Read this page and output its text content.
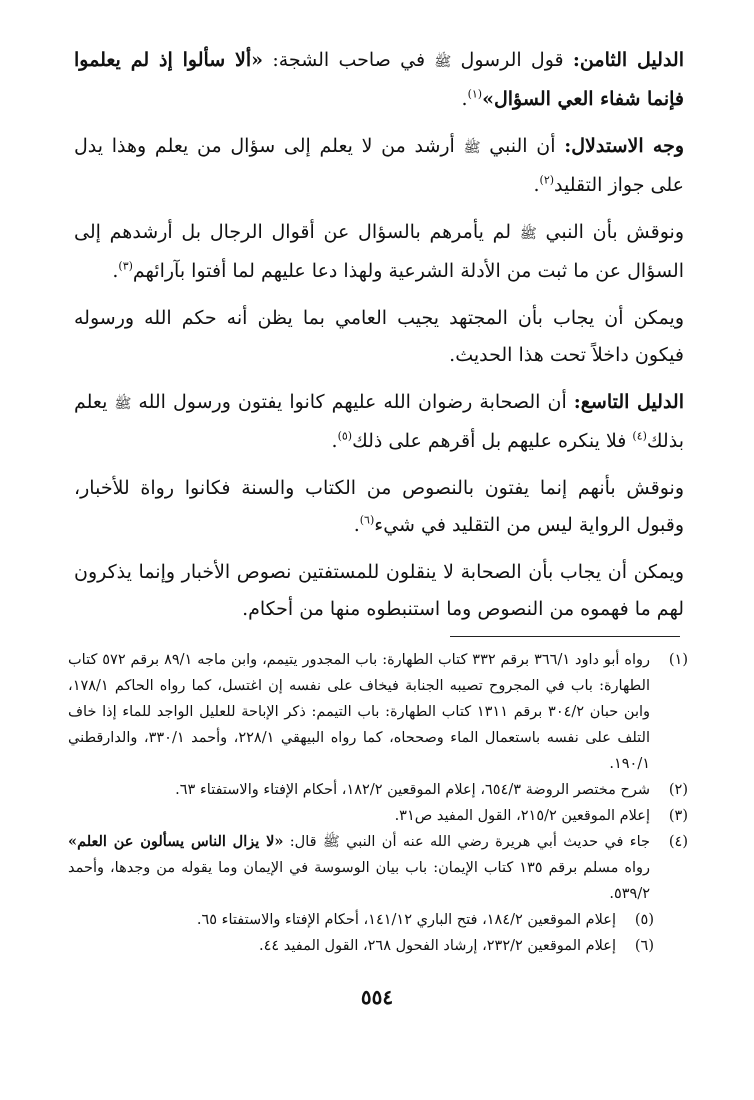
الدليل الثامن: قول الرسول ﷺ في صاحب الشجة: «ألا سألوا إذ لم يعلموا فإنما شفاء العي السؤال»$^{(١)}$.

وجه الاستدلال: أن النبي ﷺ أرشد من لا يعلم إلى سؤال من يعلم وهذا يدل على جواز التقليد$^{(٢)}$.

ونوقش بأن النبي ﷺ لم يأمرهم بالسؤال عن أقوال الرجال بل أرشدهم إلى السؤال عن ما ثبت من الأدلة الشرعية ولهذا دعا عليهم لما أفتوا بآرائهم$^{(٣)}$.

ويمكن أن يجاب بأن المجتهد يجيب العامي بما يظن أنه حكم الله ورسوله فيكون داخلاً تحت هذا الحديث.

الدليل التاسع: أن الصحابة رضوان الله عليهم كانوا يفتون ورسول الله ﷺ يعلم بذلك$^{(٤)}$ فلا ينكره عليهم بل أقرهم على ذلك$^{(٥)}$.

ونوقش بأنهم إنما يفتون بالنصوص من الكتاب والسنة فكانوا رواة للأخبار، وقبول الرواية ليس من التقليد في شيء$^{(٦)}$.

ويمكن أن يجاب بأن الصحابة لا ينقلون للمستفتين نصوص الأخبار وإنما يذكرون لهم ما فهموه من النصوص وما استنبطوه منها من أحكام.

(١)
رواه أبو داود ٣٦٦/١ برقم ٣٣٢ كتاب الطهارة: باب المجدور يتيمم، وابن ماجه ٨٩/١ برقم ٥٧٢ كتاب الطهارة: باب في المجروح تصيبه الجنابة فيخاف على نفسه إن اغتسل، كما رواه الحاكم ١٧٨/١، وابن حبان ٣٠٤/٢ برقم ١٣١١ كتاب الطهارة: باب التيمم: ذكر الإباحة للعليل الواجد للماء إذا خاف التلف على نفسه باستعمال الماء وصححاه، كما رواه البيهقي ٢٢٨/١، وأحمد ٣٣٠/١، والدارقطني ١٩٠/١.
(٢)
شرح مختصر الروضة ٦٥٤/٣، إعلام الموقعين ١٨٢/٢، أحكام الإفتاء والاستفتاء ٦٣.
(٣)
إعلام الموقعين ٢١٥/٢، القول المفيد ص٣١.
(٤)
جاء في حديث أبي هريرة رضي الله عنه أن النبي ﷺ قال: «لا يزال الناس يسألون عن العلم» رواه مسلم برقم ١٣٥ كتاب الإيمان: باب بيان الوسوسة في الإيمان وما يقوله من وجدها، وأحمد ٥٣٩/٢.
(٥)
إعلام الموقعين ١٨٤/٢، فتح الباري ١٤١/١٢، أحكام الإفتاء والاستفتاء ٦٥.
(٦)
إعلام الموقعين ٢٣٢/٢، إرشاد الفحول ٢٦٨، القول المفيد ٤٤.
٥٥٤
